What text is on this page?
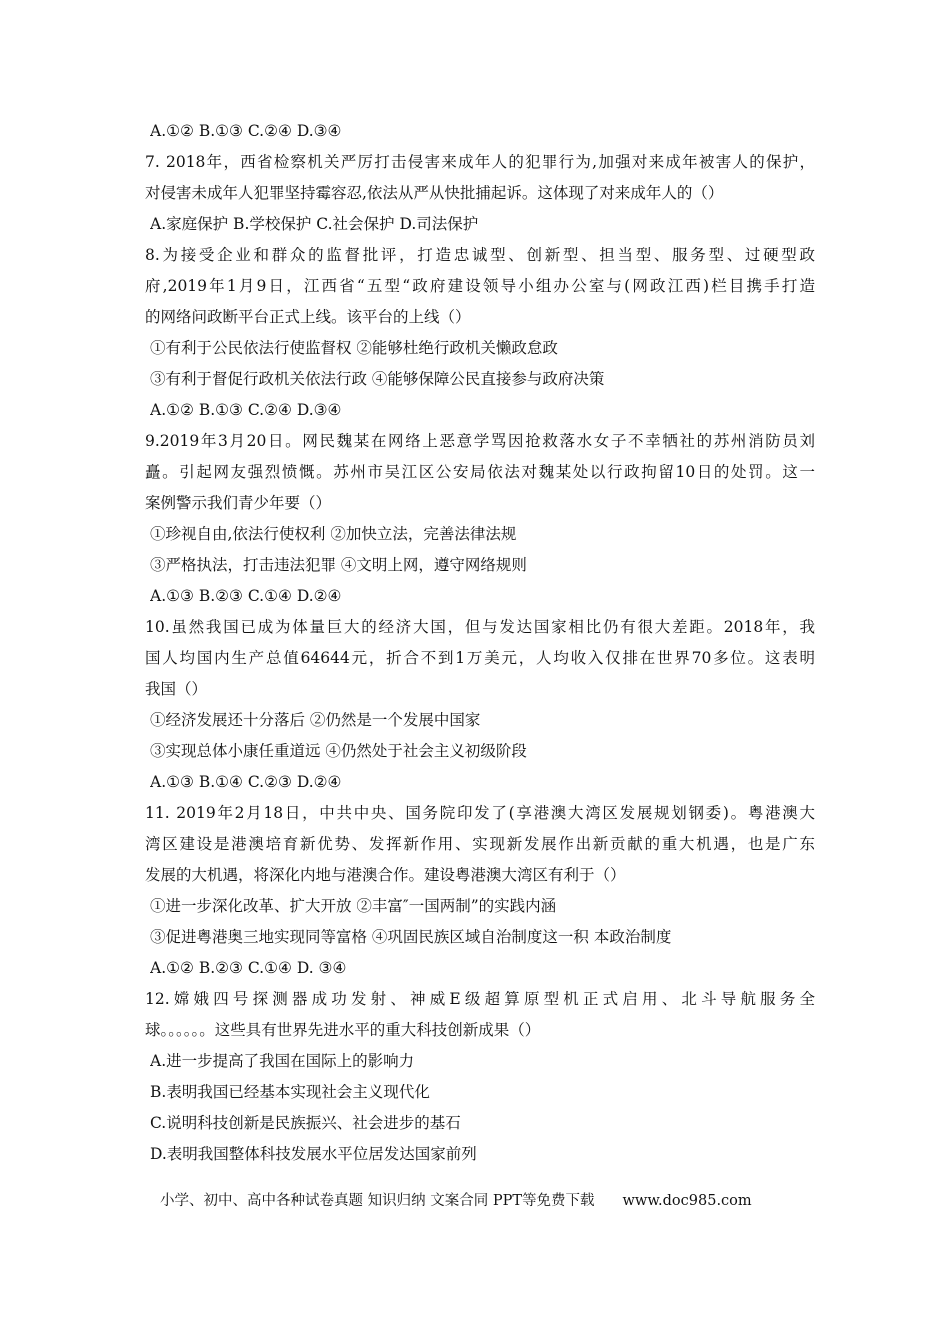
A.①② B.①③ C.②④ D.③④
7. 2018年，西省检察机关严厉打击侵害来成年人的犯罪行为,加强对来成年被害人的保护，
对侵害未成年人犯罪坚持霉容忍,依法从严从快批捕起诉。这体现了对来成年人的（）
A.家庭保护 B.学校保护 C.社会保护 D.司法保护
8.为接受企业和群众的监督批评，打造忠诚型、创新型、担当型、服务型、过硬型政
府,2019年1月9日，江西省“五型“政府建设领导小组办公室与(网政江西)栏目携手打造
的网络问政断平台正式上线。该平台的上线（）
①有利于公民依法行使监督权 ②能够杜绝行政机关懒政怠政
③有利于督促行政机关依法行政 ④能够保障公民直接参与政府决策
A.①② B.①③ C.②④ D.③④
9.2019年3月20日。网民魏某在网络上恶意学骂因抢救落水女子不幸牺社的苏州消防员刘
矗。引起网友强烈愤慨。苏州市吴江区公安局依法对魏某处以行政拘留10日的处罚。这一
案例警示我们青少年要（）
①珍视自由,依法行使权利 ②加快立法，完善法律法规
③严格执法，打击违法犯罪 ④文明上网，遵守网络规则
A.①③ B.②③ C.①④ D.②④
10.虽然我国已成为体量巨大的经济大国，但与发达国家相比仍有很大差距。2018年，我
国人均国内生产总值64644元，折合不到1万美元，人均收入仅排在世界70多位。这表明
我国（）
①经济发展还十分落后 ②仍然是一个发展中国家
③实现总体小康任重道远 ④仍然处于社会主义初级阶段
A.①③ B.①④ C.②③ D.②④
11. 2019年2月18日，中共中央、国务院印发了(享港澳大湾区发展规划钢委)。粤港澳大
湾区建设是港澳培育新优势、发挥新作用、实现新发展作出新贡献的重大机遇，也是广东
发展的大机遇，将深化内地与港澳合作。建设粤港澳大湾区有利于（）
①进一步深化改革、扩大开放 ②丰富″一国两制”的实践内涵
③促进粤港奥三地实现同等富格 ④巩固民族区域自治制度这一积 本政治制度
A.①② B.②③ C.①④ D. ③④
12.嫦娥四号探测器成功发射、神威E级超算原型机正式启用、北斗导航服务全
球。。。。。。这些具有世界先进水平的重大科技创新成果（）
A.进一步提高了我国在国际上的影响力
B.表明我国已经基本实现社会主义现代化
C.说明科技创新是民族振兴、社会进步的基石
D.表明我国整体科技发展水平位居发达国家前列
小学、初中、高中各种试卷真题 知识归纳 文案合同 PPT等免费下载 www.doc985.com
